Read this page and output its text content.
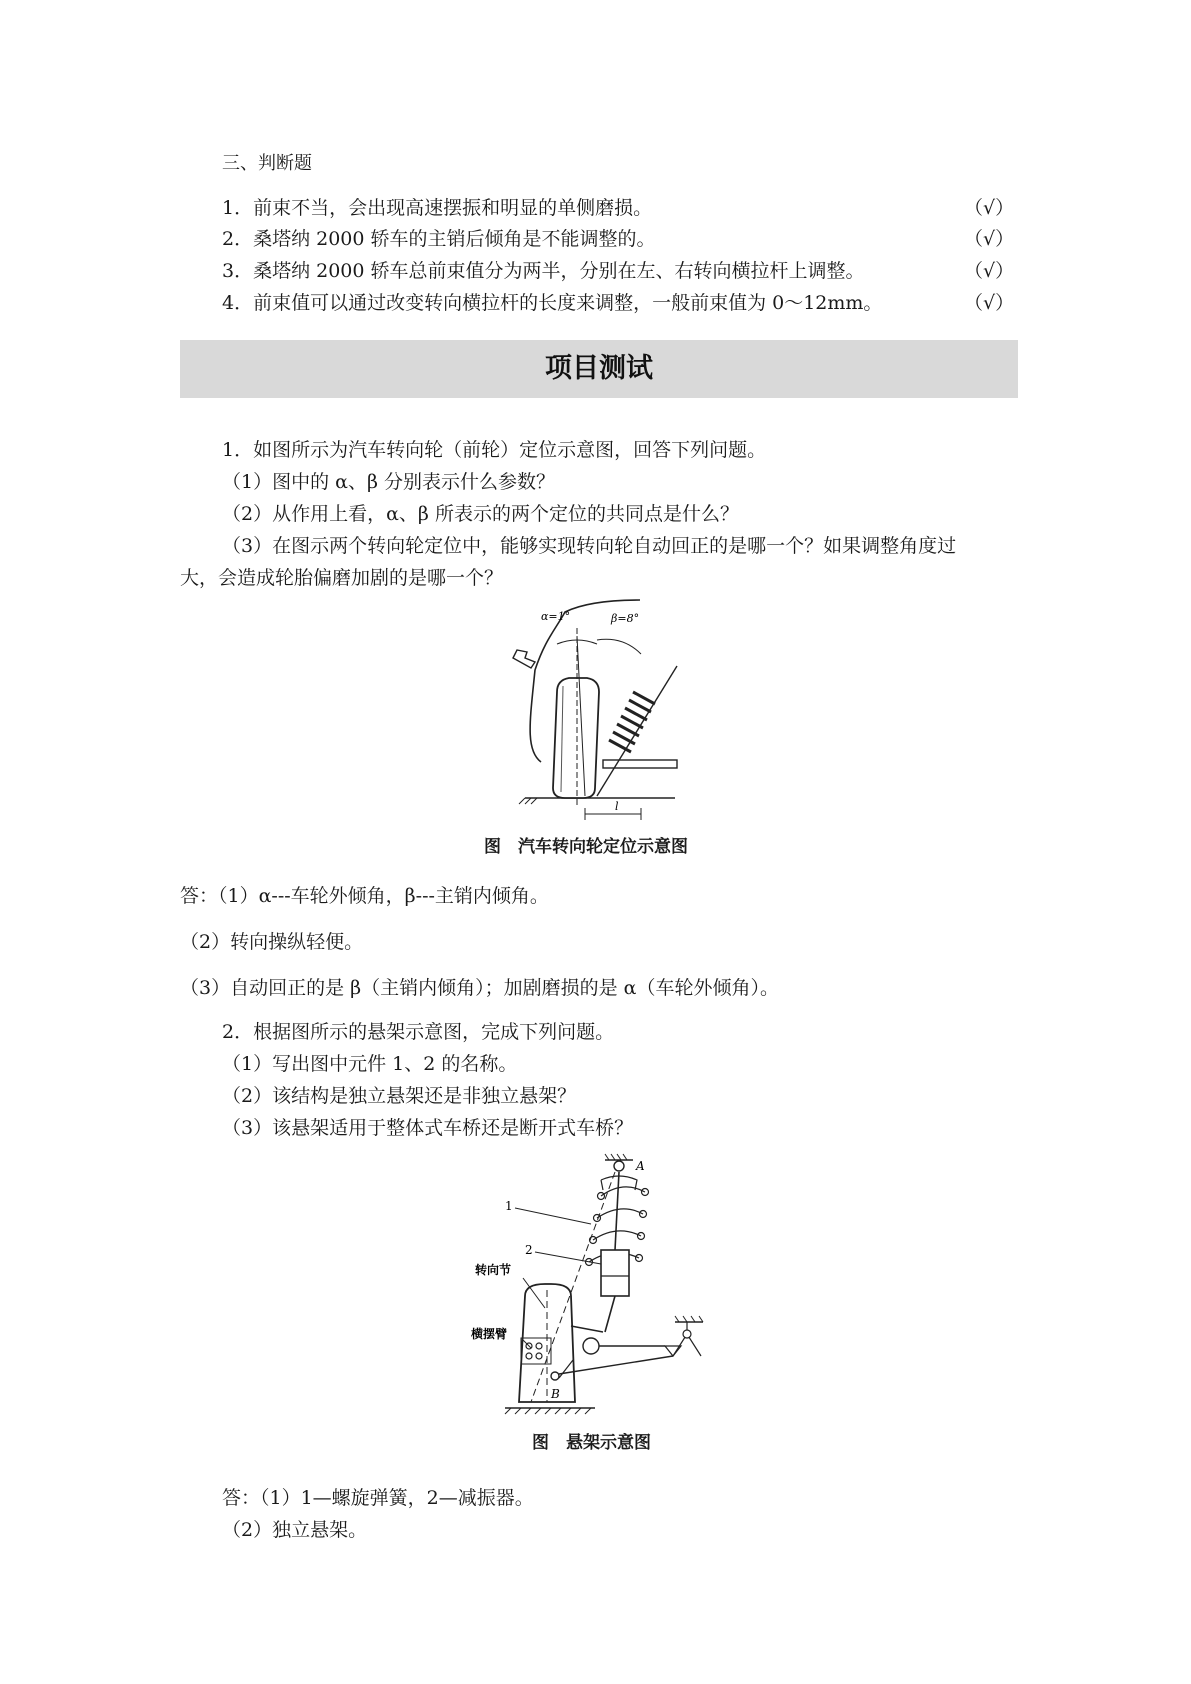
三、判断题
1．前束不当，会出现高速摆振和明显的单侧磨损。	（√）
2．桑塔纳 2000 轿车的主销后倾角是不能调整的。	（√）
3．桑塔纳 2000 轿车总前束值分为两半，分别在左、右转向横拉杆上调整。	（√）
4．前束值可以通过改变转向横拉杆的长度来调整，一般前束值为 0～12mm。	（√）
项目测试
1．如图所示为汽车转向轮（前轮）定位示意图，回答下列问题。
（1）图中的 α、β 分别表示什么参数？
（2）从作用上看，α、β 所表示的两个定位的共同点是什么？
（3）在图示两个转向轮定位中，能够实现转向轮自动回正的是哪一个？如果调整角度过
大，会造成轮胎偏磨加剧的是哪一个？
α=1°	β=8°
l
图　汽车转向轮定位示意图
答：（1）α---车轮外倾角，β---主销内倾角。
（2）转向操纵轻便。
（3）自动回正的是 β（主销内倾角）；加剧磨损的是 α（车轮外倾角）。
2．根据图所示的悬架示意图，完成下列问题。
（1）写出图中元件 1、2 的名称。
（2）该结构是独立悬架还是非独立悬架？
（3）该悬架适用于整体式车桥还是断开式车桥？
A
1
2
B
转向节
横摆臂
图　悬架示意图
答：（1）1—螺旋弹簧，2—减振器。
（2）独立悬架。
